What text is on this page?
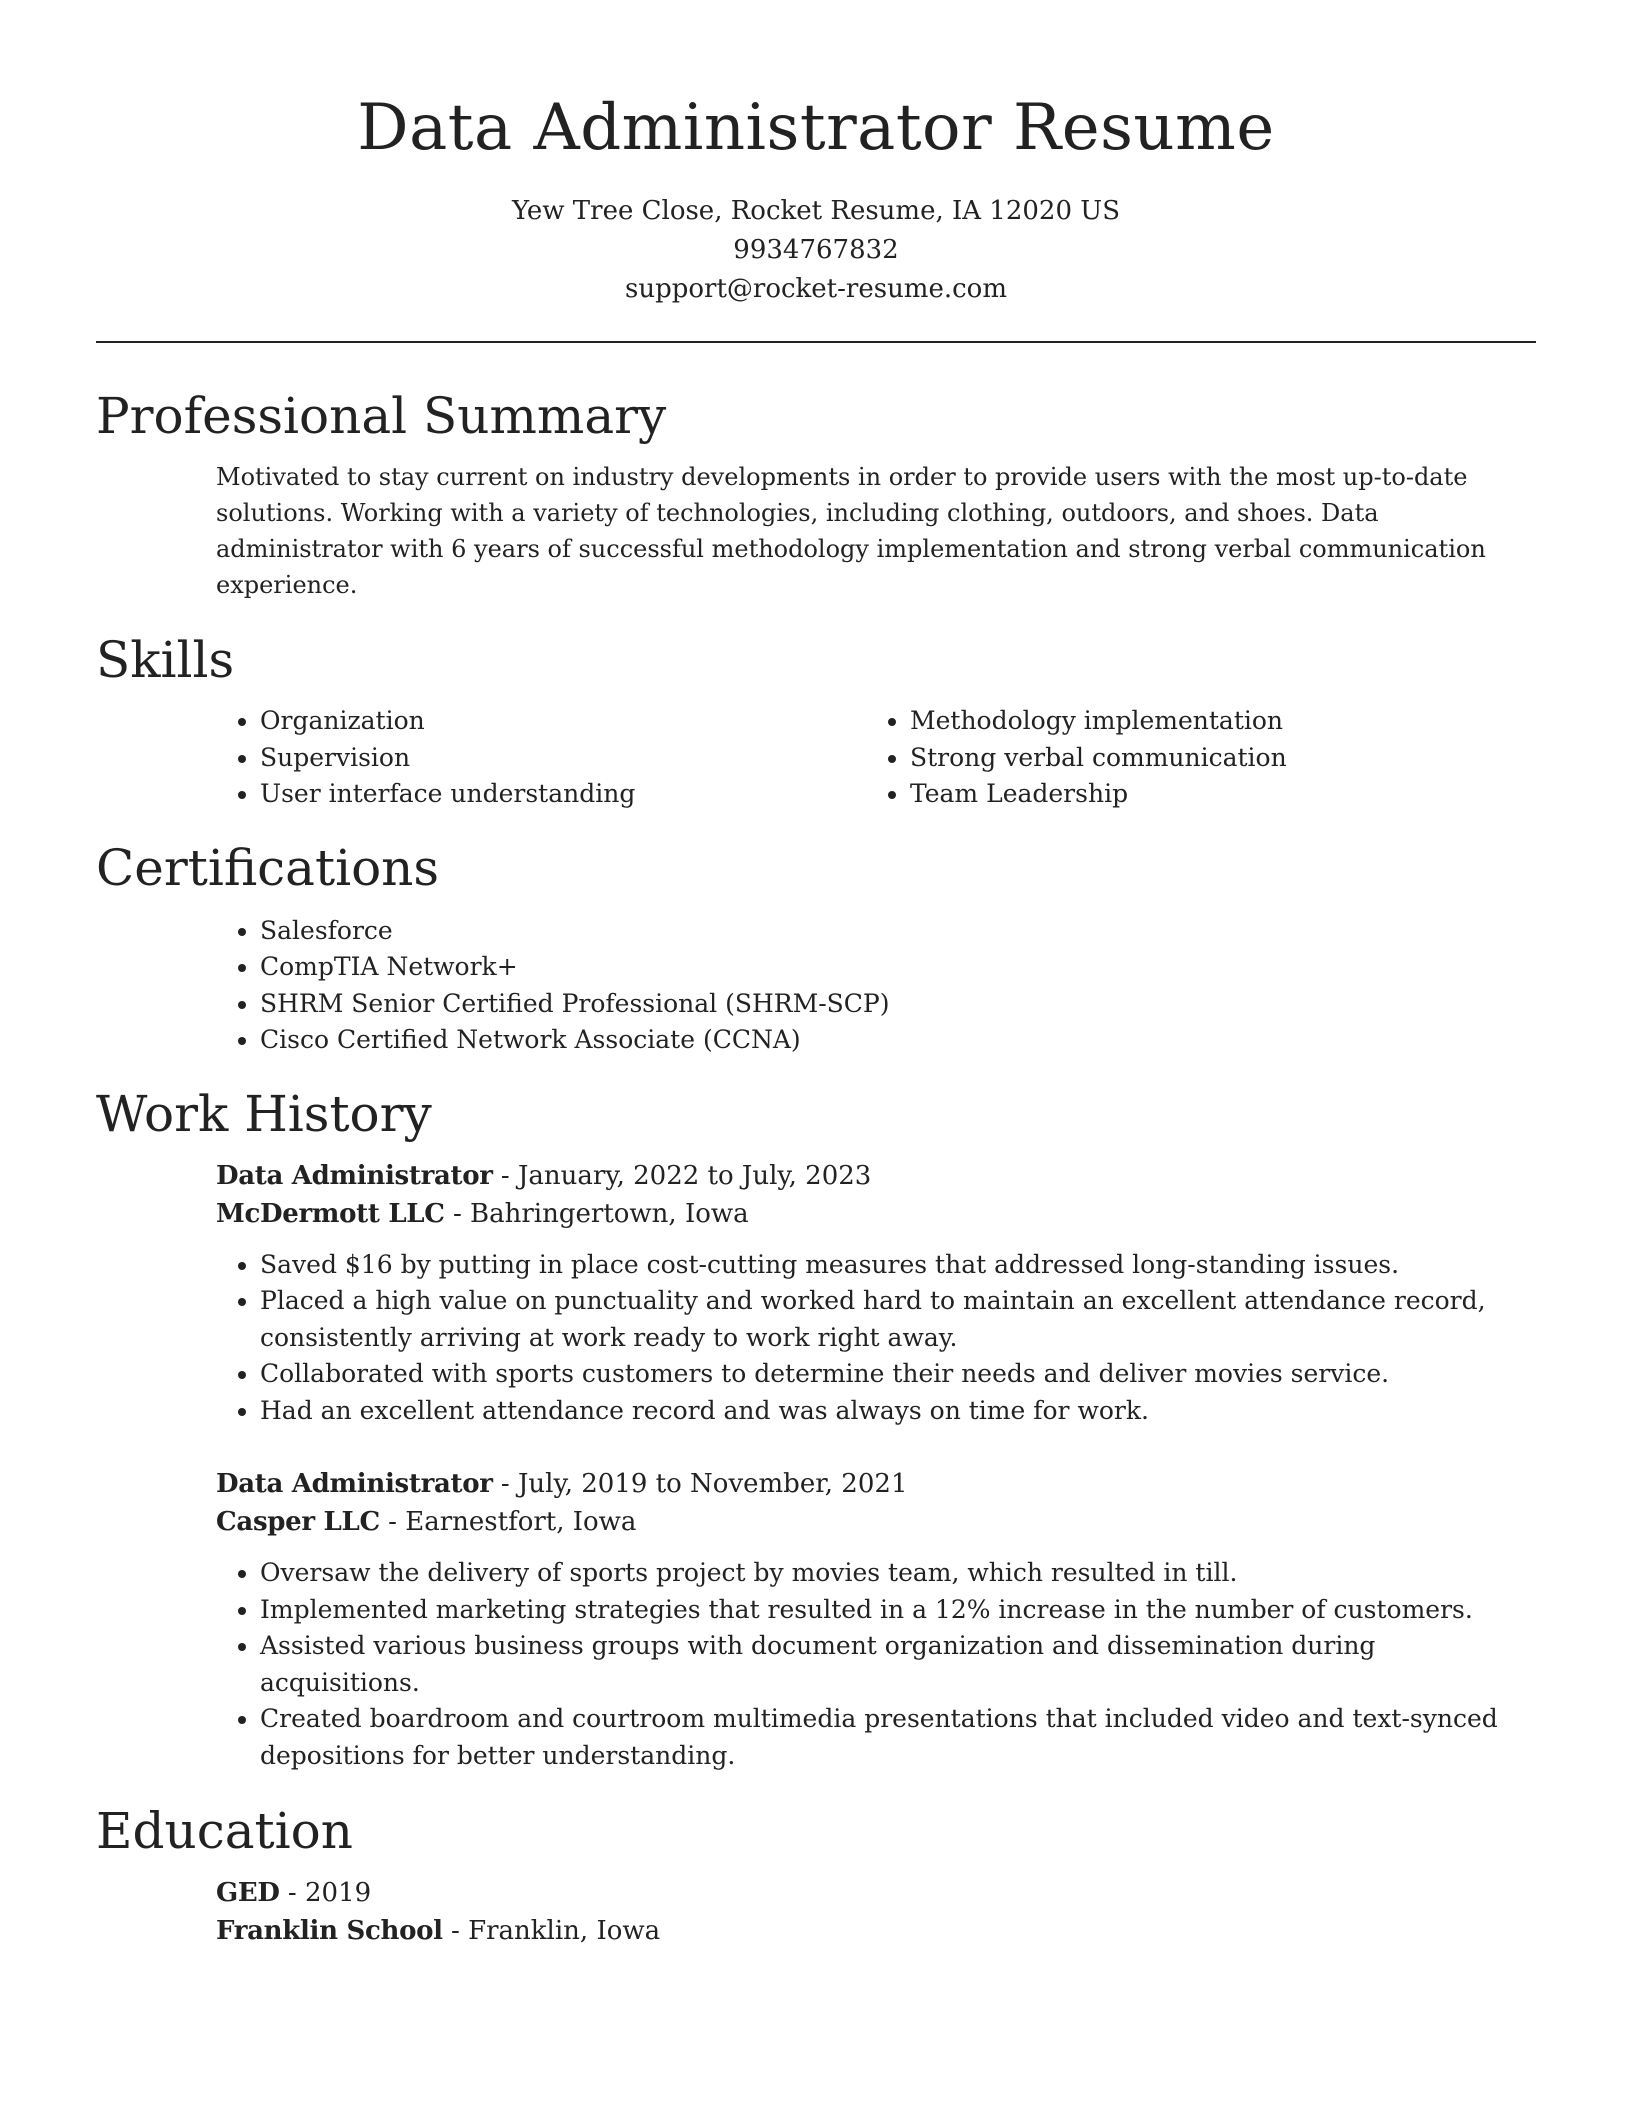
Data Administrator Resume
Yew Tree Close, Rocket Resume, IA 12020 US
9934767832
support@rocket-resume.com
Professional Summary
Motivated to stay current on industry developments in order to provide users with the most up-to-date solutions. Working with a variety of technologies, including clothing, outdoors, and shoes. Data administrator with 6 years of successful methodology implementation and strong verbal communication experience.
Skills
• Organization
• Supervision
• User interface understanding
• Methodology implementation
• Strong verbal communication
• Team Leadership
Certifications
• Salesforce
• CompTIA Network+
• SHRM Senior Certified Professional (SHRM-SCP)
• Cisco Certified Network Associate (CCNA)
Work History
Data Administrator - January, 2022 to July, 2023
McDermott LLC - Bahringertown, Iowa
• Saved $16 by putting in place cost-cutting measures that addressed long-standing issues.
• Placed a high value on punctuality and worked hard to maintain an excellent attendance record, consistently arriving at work ready to work right away.
• Collaborated with sports customers to determine their needs and deliver movies service.
• Had an excellent attendance record and was always on time for work.
Data Administrator - July, 2019 to November, 2021
Casper LLC - Earnestfort, Iowa
• Oversaw the delivery of sports project by movies team, which resulted in till.
• Implemented marketing strategies that resulted in a 12% increase in the number of customers.
• Assisted various business groups with document organization and dissemination during acquisitions.
• Created boardroom and courtroom multimedia presentations that included video and text-synced depositions for better understanding.
Education
GED - 2019
Franklin School - Franklin, Iowa
